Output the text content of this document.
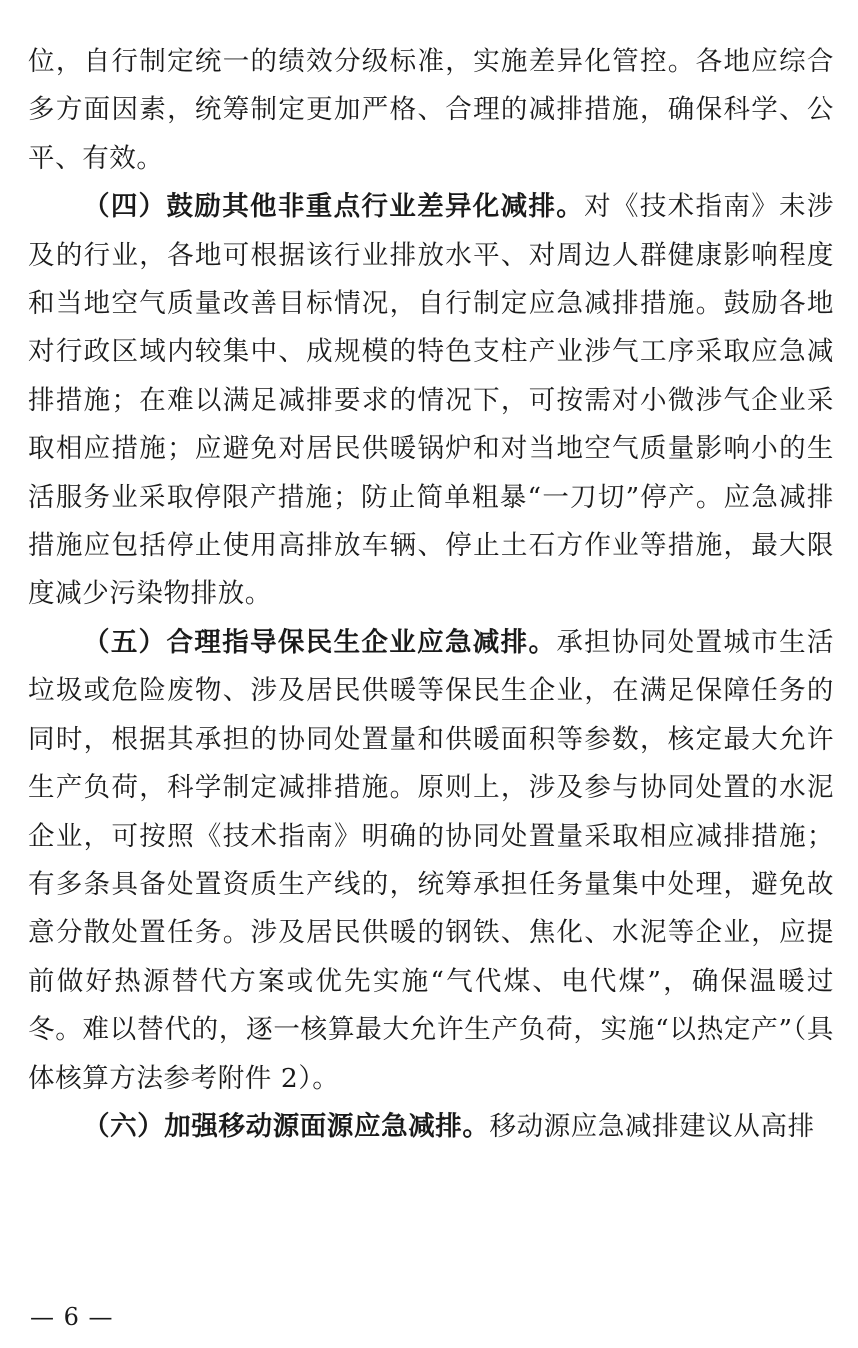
位，自行制定统一的绩效分级标准，实施差异化管控。各地应综合多方面因素，统筹制定更加严格、合理的减排措施，确保科学、公平、有效。

（四）鼓励其他非重点行业差异化减排。对《技术指南》未涉及的行业，各地可根据该行业排放水平、对周边人群健康影响程度和当地空气质量改善目标情况，自行制定应急减排措施。鼓励各地对行政区域内较集中、成规模的特色支柱产业涉气工序采取应急减排措施；在难以满足减排要求的情况下，可按需对小微涉气企业采取相应措施；应避免对居民供暖锅炉和对当地空气质量影响小的生活服务业采取停限产措施；防止简单粗暴“一刀切”停产。应急减排措施应包括停止使用高排放车辆、停止土石方作业等措施，最大限度减少污染物排放。

（五）合理指导保民生企业应急减排。承担协同处置城市生活垃圾或危险废物、涉及居民供暖等保民生企业，在满足保障任务的同时，根据其承担的协同处置量和供暖面积等参数，核定最大允许生产负荷，科学制定减排措施。原则上，涉及参与协同处置的水泥企业，可按照《技术指南》明确的协同处置量采取相应减排措施；有多条具备处置资质生产线的，统筹承担任务量集中处理，避免故意分散处置任务。涉及居民供暖的钢铁、焦化、水泥等企业，应提前做好热源替代方案或优先实施“气代煤、电代煤”，确保温暖过冬。难以替代的，逐一核算最大允许生产负荷，实施“以热定产”（具体核算方法参考附件 2）。

（六）加强移动源面源应急减排。移动源应急减排建议从高排

— 6 —
